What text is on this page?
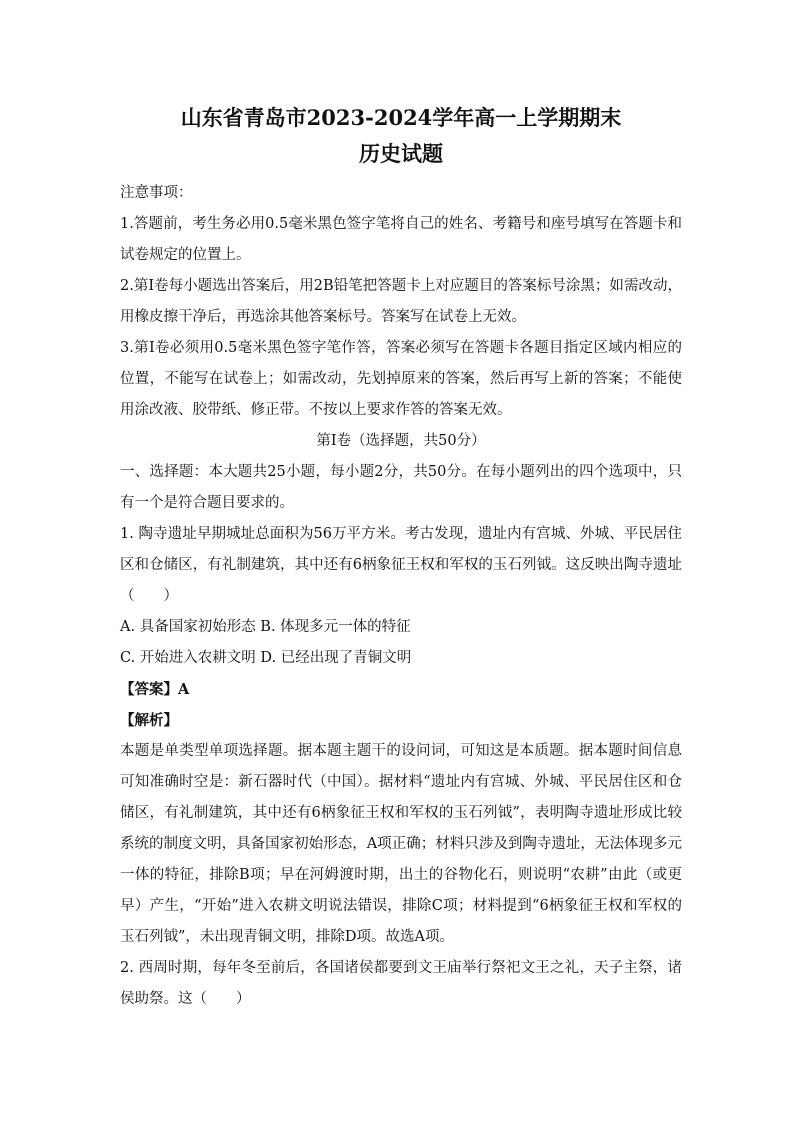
山东省青岛市2023-2024学年高一上学期期末
历史试题

注意事项：

1.答题前，考生务必用0.5毫米黑色签字笔将自己的姓名、考籍号和座号填写在答题卡和试卷规定的位置上。

2.第I卷每小题选出答案后，用2B铅笔把答题卡上对应题目的答案标号涂黑；如需改动，用橡皮擦干净后，再选涂其他答案标号。答案写在试卷上无效。

3.第I卷必须用0.5毫米黑色签字笔作答，答案必须写在答题卡各题目指定区域内相应的位置，不能写在试卷上；如需改动，先划掉原来的答案，然后再写上新的答案；不能使用涂改液、胶带纸、修正带。不按以上要求作答的答案无效。

第I卷（选择题，共50分）

一、选择题：本大题共25小题，每小题2分，共50分。在每小题列出的四个选项中，只有一个是符合题目要求的。

1. 陶寺遗址早期城址总面积为56万平方米。考古发现，遗址内有宫城、外城、平民居住区和仓储区，有礼制建筑，其中还有6柄象征王权和军权的玉石列钺。这反映出陶寺遗址（　　）

A. 具备国家初始形态 B. 体现多元一体的特征

C. 开始进入农耕文明 D. 已经出现了青铜文明

【答案】A

【解析】

本题是单类型单项选择题。据本题主题干的设问词，可知这是本质题。据本题时间信息可知准确时空是：新石器时代（中国）。据材料“遗址内有宫城、外城、平民居住区和仓储区，有礼制建筑，其中还有6柄象征王权和军权的玉石列钺”，表明陶寺遗址形成比较系统的制度文明，具备国家初始形态，A项正确；材料只涉及到陶寺遗址，无法体现多元一体的特征，排除B项；早在河姆渡时期，出土的谷物化石，则说明“农耕”由此（或更早）产生，“开始”进入农耕文明说法错误，排除C项；材料提到“6柄象征王权和军权的玉石列钺”，未出现青铜文明，排除D项。故选A项。

2. 西周时期，每年冬至前后，各国诸侯都要到文王庙举行祭祀文王之礼，天子主祭，诸侯助祭。这（　　）
